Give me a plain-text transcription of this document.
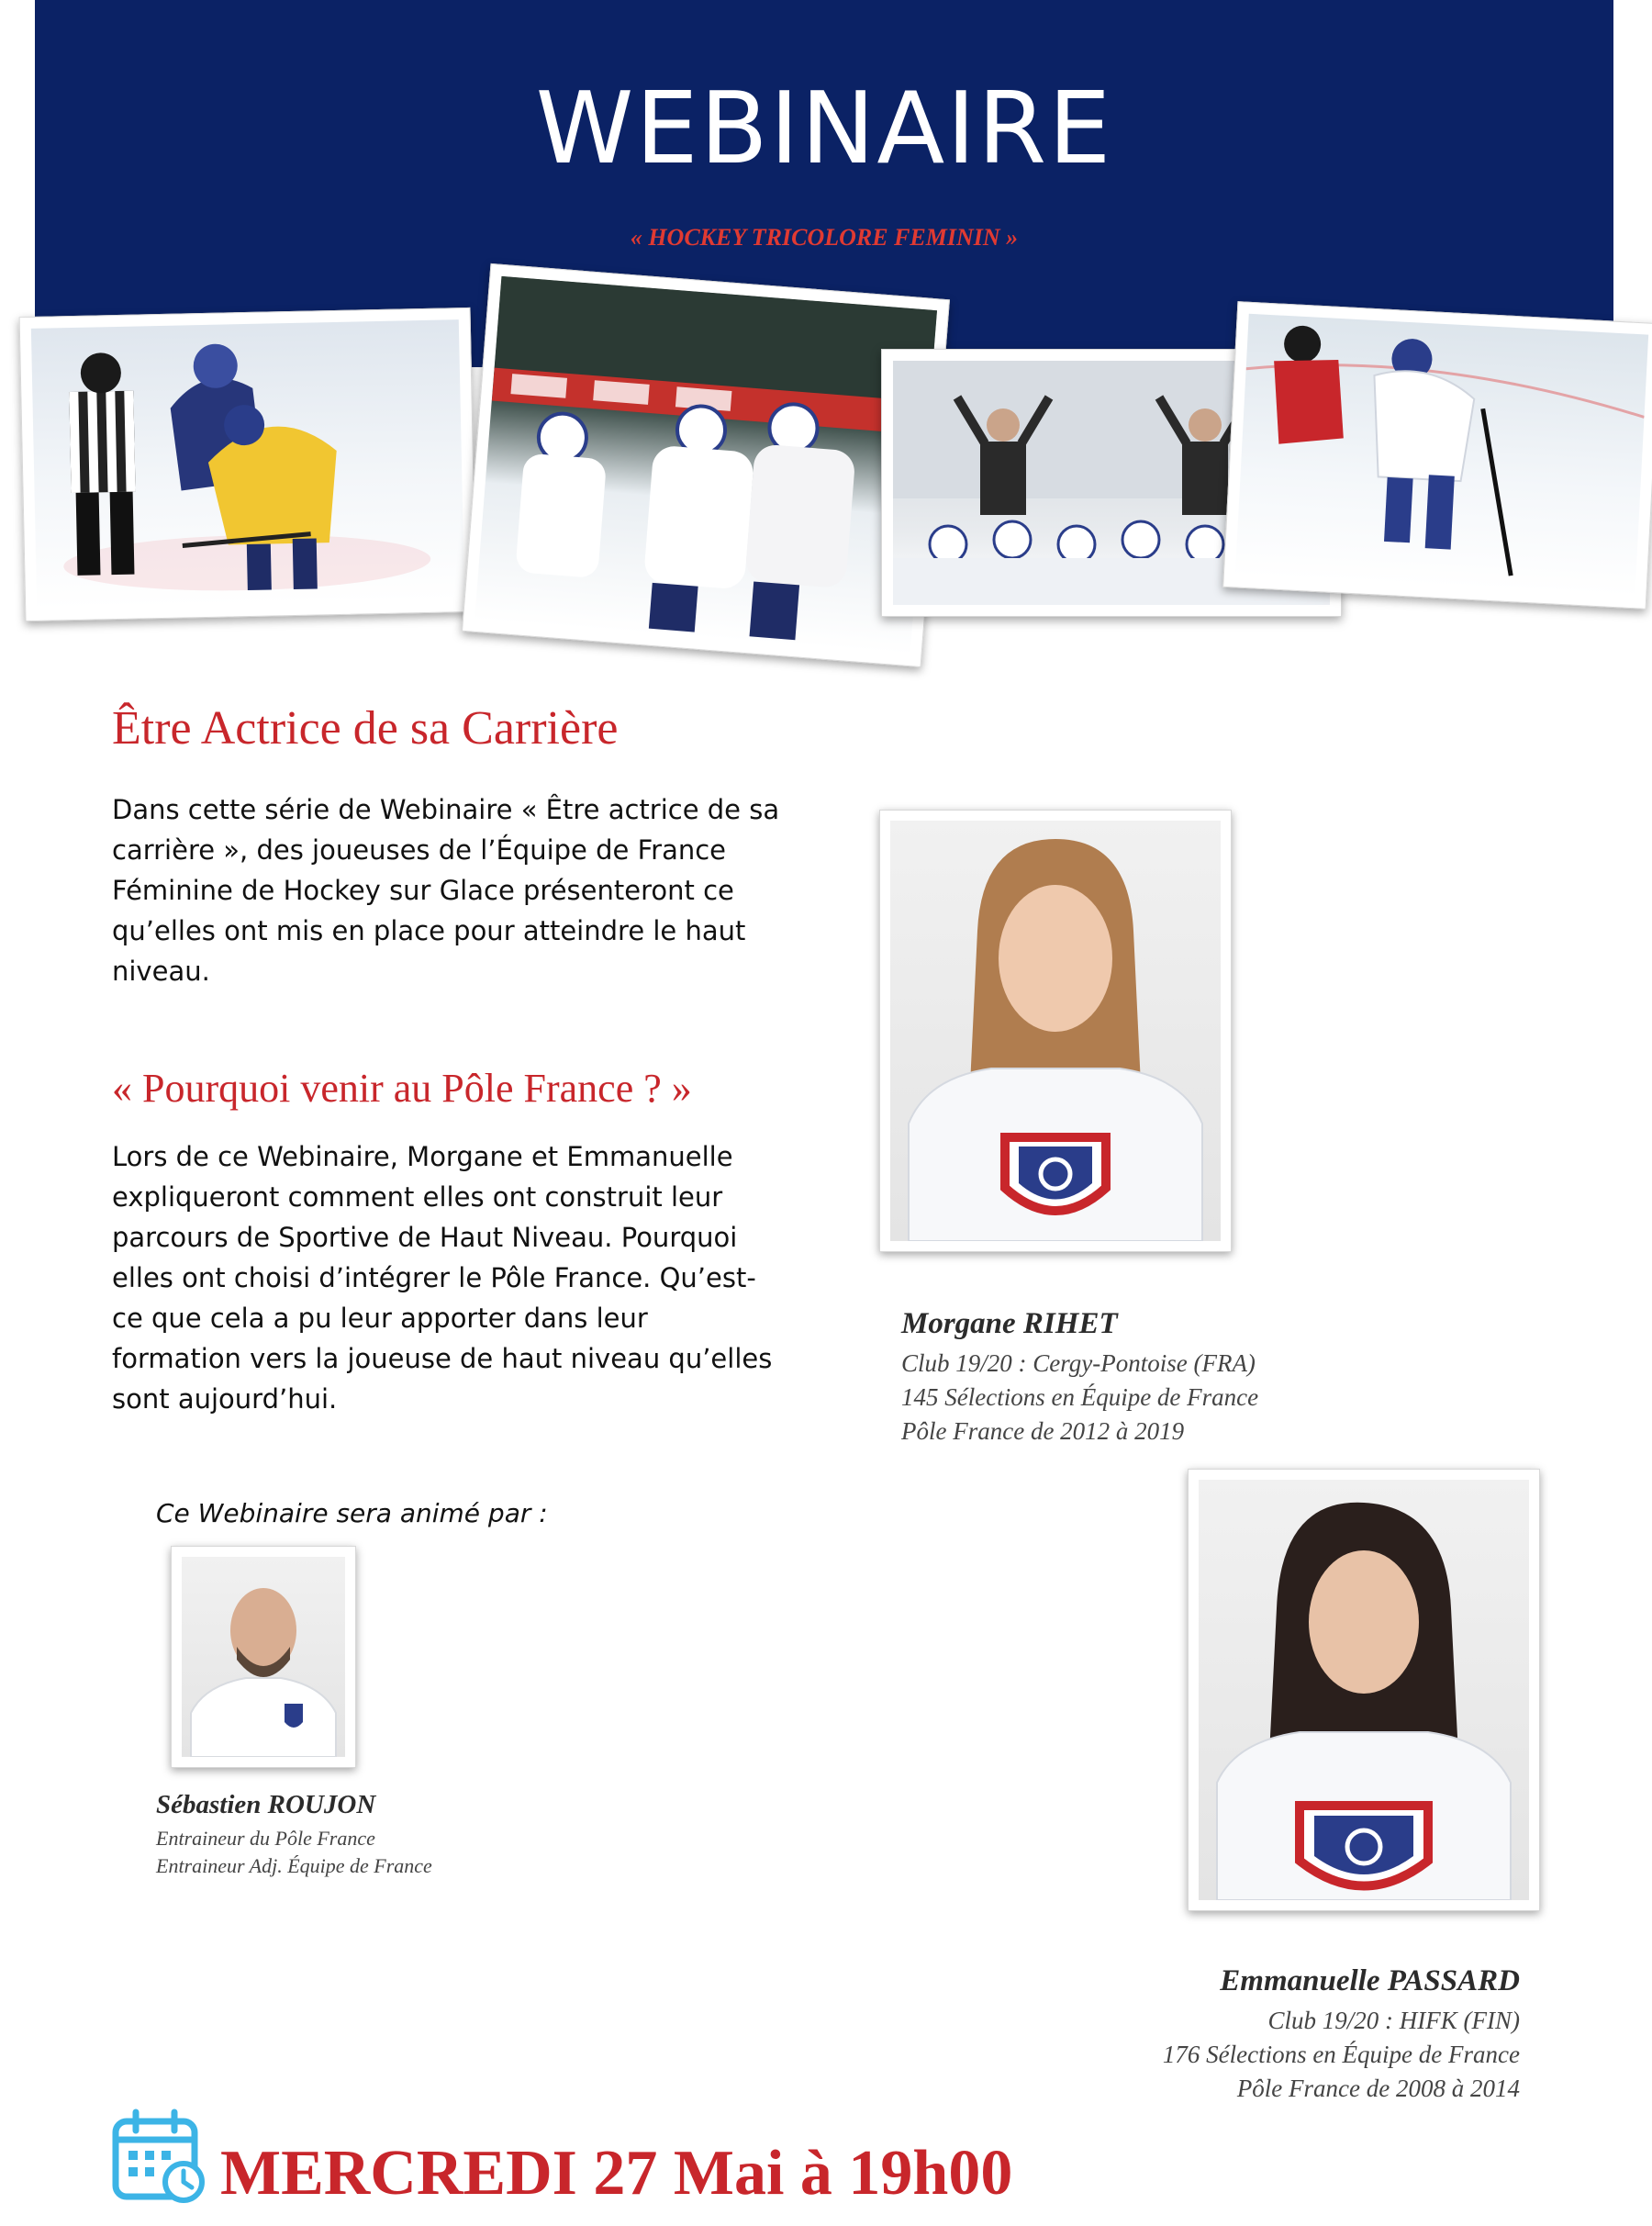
WEBINAIRE
« HOCKEY TRICOLORE FEMININ »
Être Actrice de sa Carrière
Dans cette série de Webinaire « Être actrice de sa
carrière », des joueuses de l’Équipe de France
Féminine de Hockey sur Glace présenteront ce
qu’elles ont mis en place pour atteindre le haut
niveau.
« Pourquoi venir au Pôle France ? »
Lors de ce Webinaire, Morgane et Emmanuelle
expliqueront comment elles ont construit leur
parcours de Sportive de Haut Niveau. Pourquoi
elles ont choisi d’intégrer le Pôle France. Qu’est-
ce que cela a pu leur apporter dans leur
formation vers la joueuse de haut niveau qu’elles
sont aujourd’hui.
Morgane RIHET
Club 19/20 : Cergy-Pontoise (FRA)
145 Sélections en Équipe de France
Pôle France de 2012 à 2019
Ce Webinaire sera animé par :
Sébastien ROUJON
Entraineur du Pôle France
Entraineur Adj. Équipe de France
Emmanuelle PASSARD
Club 19/20 : HIFK (FIN)
176 Sélections en Équipe de France
Pôle France de 2008 à 2014
MERCREDI 27 Mai à 19h00
